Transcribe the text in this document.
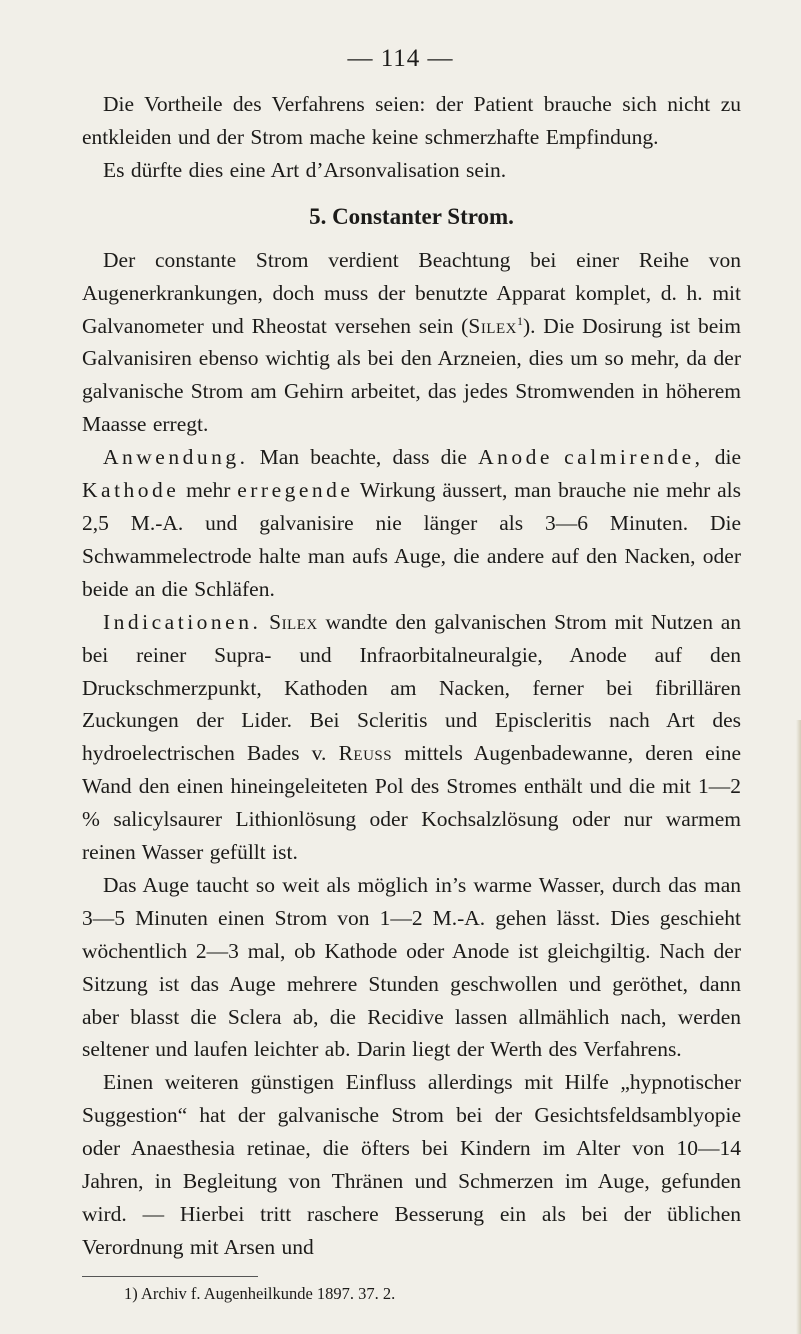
— 114 —

Die Vortheile des Verfahrens seien: der Patient brauche sich nicht zu entkleiden und der Strom mache keine schmerzhafte Empfindung.

Es dürfte dies eine Art d’Arsonvalisation sein.

5. Constanter Strom.

Der constante Strom verdient Beachtung bei einer Reihe von Augenerkrankungen, doch muss der benutzte Apparat komplet, d. h. mit Galvanometer und Rheostat versehen sein (Silex$^1$). Die Dosirung ist beim Galvanisiren ebenso wichtig als bei den Arzneien, dies um so mehr, da der galvanische Strom am Gehirn arbeitet, das jedes Stromwenden in höherem Maasse erregt.

Anwendung. Man beachte, dass die Anode calmirende, die Kathode mehr erregende Wirkung äussert, man brauche nie mehr als 2,5 M.-A. und galvanisire nie länger als 3—6 Minuten. Die Schwammelectrode halte man aufs Auge, die andere auf den Nacken, oder beide an die Schläfen.

Indicationen. Silex wandte den galvanischen Strom mit Nutzen an bei reiner Supra- und Infraorbitalneuralgie, Anode auf den Druckschmerzpunkt, Kathoden am Nacken, ferner bei fibrillären Zuckungen der Lider. Bei Scleritis und Episcleritis nach Art des hydroelectrischen Bades v. Reuss mittels Augenbadewanne, deren eine Wand den einen hineingeleiteten Pol des Stromes enthält und die mit 1—2 % salicylsaurer Lithionlösung oder Kochsalzlösung oder nur warmem reinen Wasser gefüllt ist.

Das Auge taucht so weit als möglich in’s warme Wasser, durch das man 3—5 Minuten einen Strom von 1—2 M.-A. gehen lässt. Dies geschieht wöchentlich 2—3 mal, ob Kathode oder Anode ist gleichgiltig. Nach der Sitzung ist das Auge mehrere Stunden geschwollen und geröthet, dann aber blasst die Sclera ab, die Recidive lassen allmählich nach, werden seltener und laufen leichter ab. Darin liegt der Werth des Verfahrens.

Einen weiteren günstigen Einfluss allerdings mit Hilfe „hypnotischer Suggestion“ hat der galvanische Strom bei der Gesichtsfeldsamblyopie oder Anaesthesia retinae, die öfters bei Kindern im Alter von 10—14 Jahren, in Begleitung von Thränen und Schmerzen im Auge, gefunden wird. — Hierbei tritt raschere Besserung ein als bei der üblichen Verordnung mit Arsen und

1) Archiv f. Augenheilkunde 1897. 37. 2.
